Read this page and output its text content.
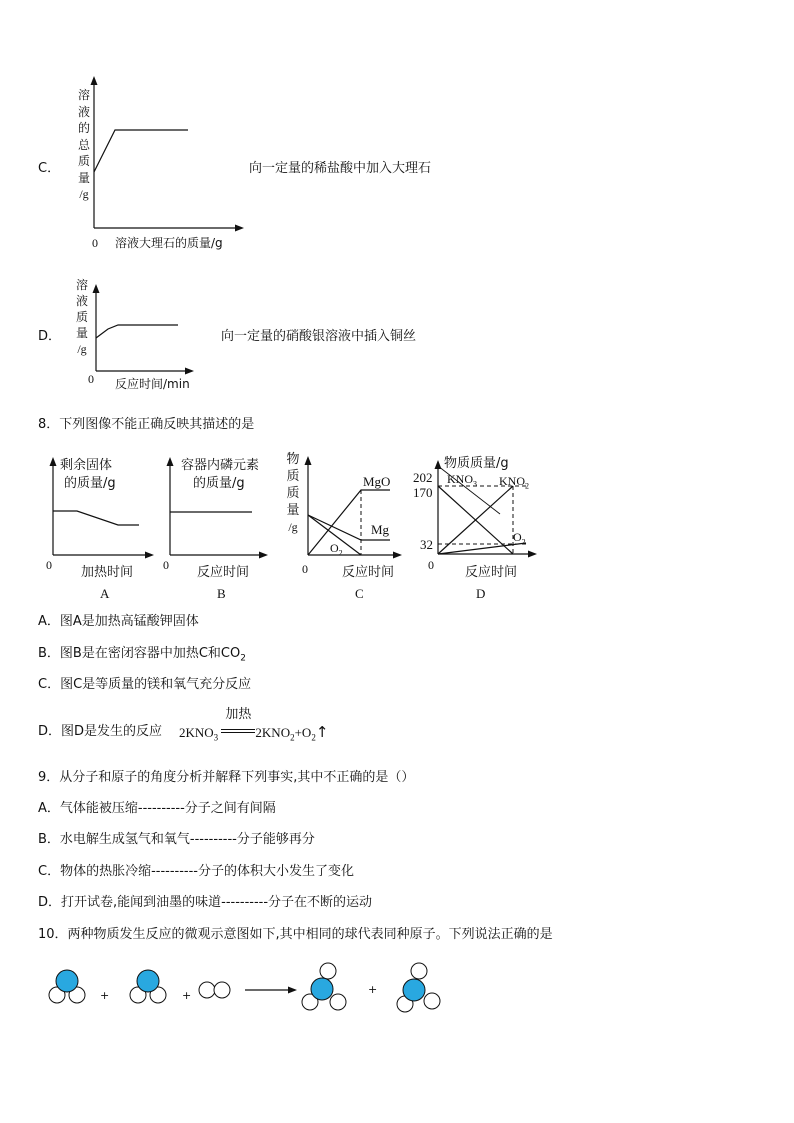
C．
溶
液
的
总
质
量
/g
0 溶液大理石的质量/g
向一定量的稀盐酸中加入大理石
D．
溶
液
质
量
/g
0 反应时间/min
向一定量的硝酸银溶液中插入铜丝
8．下列图像不能正确反映其描述的是
剩余固体
的质量/g
0 加热时间
A
容器内磷元素
的质量/g
0 反应时间
B
物
质
质
量
/g
MgO
Mg
$O_2$
0	反应时间
C
物质质量/g
202
170
32
$KNO_3$ $KNO_2$
$O_2$
0 反应时间
D
A．图A是加热高锰酸钾固体
B．图B是在密闭容器中加热C和$CO_2$
C．图C是等质量的镁和氧气充分反应
D．图D是发生的反应 $2KNO_3$
加热
$2KNO_2+O_2↑$
9．从分子和原子的角度分析并解释下列事实,其中不正确的是（）
A．气体能被压缩----------分子之间有间隔
B．水电解生成氢气和氧气----------分子能够再分
C．物体的热胀冷缩----------分子的体积大小发生了变化
D．打开试卷,能闻到油墨的味道----------分子在不断的运动
10．两种物质发生反应的微观示意图如下,其中相同的球代表同种原子。下列说法正确的是
+	+	+
